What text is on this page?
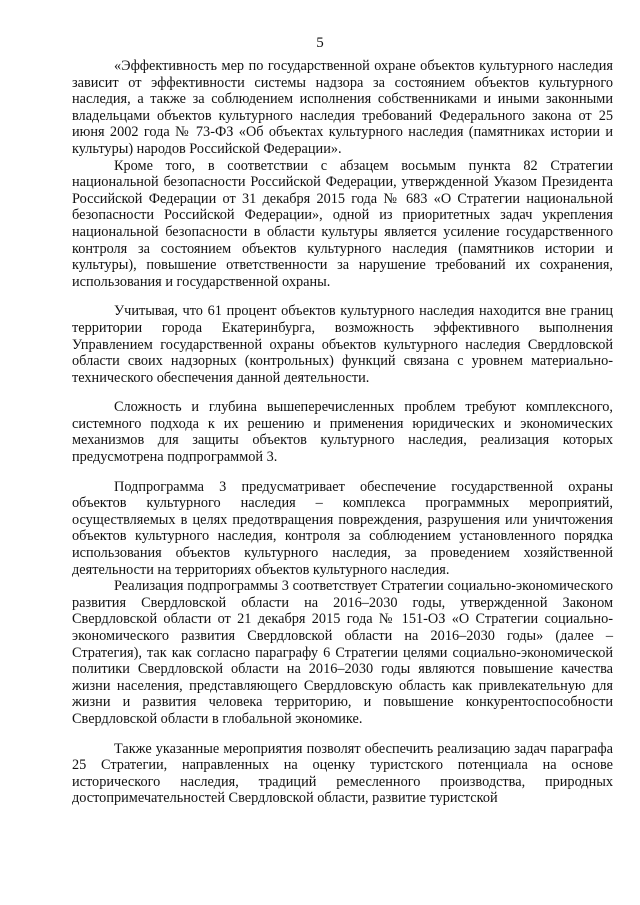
5

«Эффективность мер по государственной охране объектов культурного наследия зависит от эффективности системы надзора за состоянием объектов культурного наследия, а также за соблюдением исполнения собственниками и иными законными владельцами объектов культурного наследия требований Федерального закона от 25 июня 2002 года № 73-ФЗ «Об объектах культурного наследия (памятниках истории и культуры) народов Российской Федерации».

Кроме того, в соответствии с абзацем восьмым пункта 82 Стратегии национальной безопасности Российской Федерации, утвержденной Указом Президента Российской Федерации от 31 декабря 2015 года № 683 «О Стратегии национальной безопасности Российской Федерации», одной из приоритетных задач укрепления национальной безопасности в области культуры является усиление государственного контроля за состоянием объектов культурного наследия (памятников истории и культуры), повышение ответственности за нарушение требований их сохранения, использования и государственной охраны.

Учитывая, что 61 процент объектов культурного наследия находится вне границ территории города Екатеринбурга, возможность эффективного выполнения Управлением государственной охраны объектов культурного наследия Свердловской области своих надзорных (контрольных) функций связана с уровнем материально-технического обеспечения данной деятельности.

Сложность и глубина вышеперечисленных проблем требуют комплексного, системного подхода к их решению и применения юридических и экономических механизмов для защиты объектов культурного наследия, реализация которых предусмотрена подпрограммой 3.

Подпрограмма 3 предусматривает обеспечение государственной охраны объектов культурного наследия – комплекса программных мероприятий, осуществляемых в целях предотвращения повреждения, разрушения или уничтожения объектов культурного наследия, контроля за соблюдением установленного порядка использования объектов культурного наследия, за проведением хозяйственной деятельности на территориях объектов культурного наследия.

Реализация подпрограммы 3 соответствует Стратегии социально-экономического развития Свердловской области на 2016–2030 годы, утвержденной Законом Свердловской области от 21 декабря 2015 года № 151-ОЗ «О Стратегии социально-экономического развития Свердловской области на 2016–2030 годы» (далее – Стратегия), так как согласно параграфу 6 Стратегии целями социально-экономической политики Свердловской области на 2016–2030 годы являются повышение качества жизни населения, представляющего Свердловскую область как привлекательную для жизни и развития человека территорию, и повышение конкурентоспособности Свердловской области в глобальной экономике.

Также указанные мероприятия позволят обеспечить реализацию задач параграфа 25 Стратегии, направленных на оценку туристского потенциала на основе исторического наследия, традиций ремесленного производства, природных достопримечательностей Свердловской области, развитие туристской
